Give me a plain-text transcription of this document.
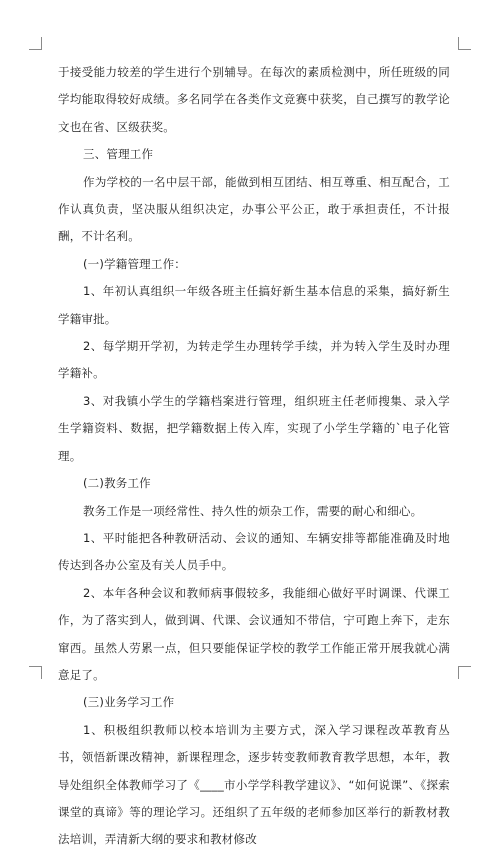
于接受能力较差的学生进行个别辅导。在每次的素质检测中，所任班级的同学均能取得较好成绩。多名同学在各类作文竞赛中获奖，自己撰写的教学论文也在省、区级获奖。

三、管理工作

作为学校的一名中层干部，能做到相互团结、相互尊重、相互配合，工作认真负责，坚决服从组织决定，办事公平公正，敢于承担责任，不计报酬，不计名利。

(一)学籍管理工作：

1、年初认真组织一年级各班主任搞好新生基本信息的采集，搞好新生学籍审批。

2、每学期开学初，为转走学生办理转学手续，并为转入学生及时办理学籍补。

3、对我镇小学生的学籍档案进行管理，组织班主任老师搜集、录入学生学籍资料、数据，把学籍数据上传入库，实现了小学生学籍的`电子化管理。

(二)教务工作

教务工作是一项经常性、持久性的烦杂工作，需要的耐心和细心。

1、平时能把各种教研活动、会议的通知、车辆安排等都能准确及时地传达到各办公室及有关人员手中。

2、本年各种会议和教师病事假较多，我能细心做好平时调课、代课工作，为了落实到人，做到调、代课、会议通知不带信，宁可跑上奔下，走东窜西。虽然人劳累一点，但只要能保证学校的教学工作能正常开展我就心满意足了。

(三)业务学习工作

1、积极组织教师以校本培训为主要方式，深入学习课程改革教育丛书，领悟新课改精神，新课程理念，逐步转变教师教育教学思想，本年，教导处组织全体教师学习了《____市小学学科教学建议》、“如何说课”、《探索课堂的真谛》等的理论学习。还组织了五年级的老师参加区举行的新教材教法培训，弄清新大纲的要求和教材修改
